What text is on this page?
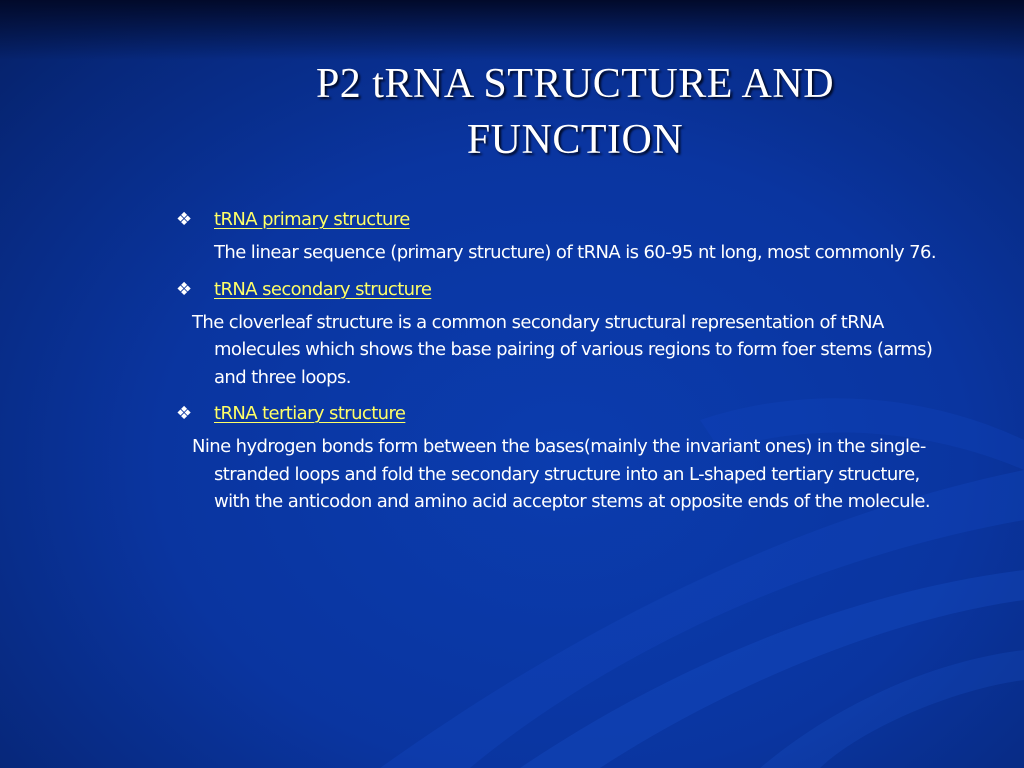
P2 tRNA STRUCTURE AND FUNCTION
❖ tRNA primary structure
The linear sequence (primary structure) of tRNA is 60-95 nt long, most commonly 76.
❖ tRNA secondary structure
The cloverleaf structure is a common secondary structural representation of tRNA molecules which shows the base pairing of various regions to form foer stems (arms) and three loops.
❖ tRNA tertiary structure
Nine hydrogen bonds form between the bases(mainly the invariant ones) in the single-stranded loops and fold the secondary structure into an L-shaped tertiary structure, with the anticodon and amino acid acceptor stems at opposite ends of the molecule.
